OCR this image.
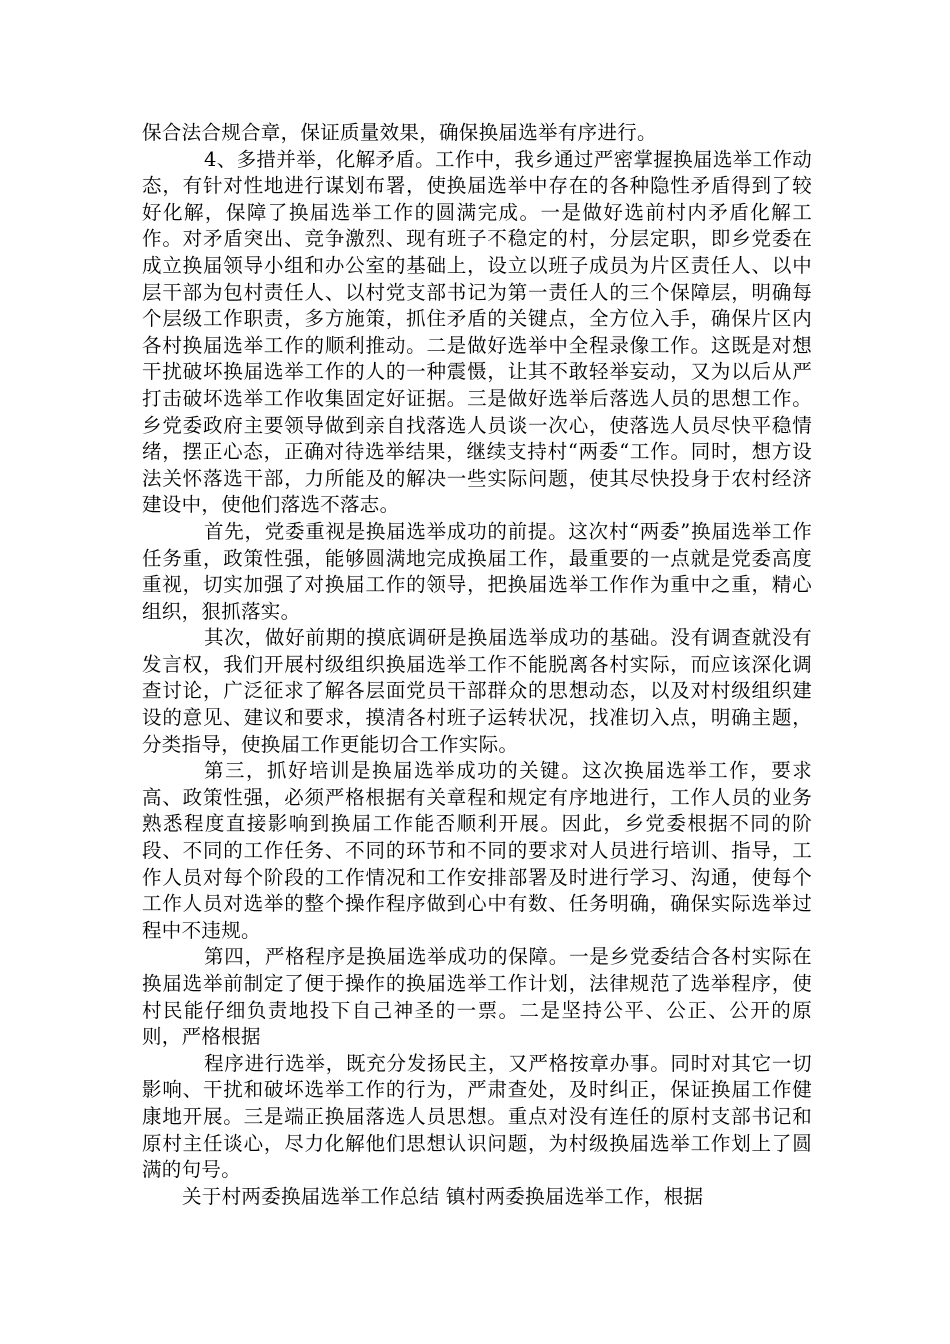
保合法合规合章，保证质量效果，确保换届选举有序进行。

4、多措并举，化解矛盾。工作中，我乡通过严密掌握换届选举工作动态，有针对性地进行谋划布署，使换届选举中存在的各种隐性矛盾得到了较好化解，保障了换届选举工作的圆满完成。一是做好选前村内矛盾化解工作。对矛盾突出、竞争激烈、现有班子不稳定的村，分层定职，即乡党委在成立换届领导小组和办公室的基础上，设立以班子成员为片区责任人、以中层干部为包村责任人、以村党支部书记为第一责任人的三个保障层，明确每个层级工作职责，多方施策，抓住矛盾的关键点，全方位入手，确保片区内各村换届选举工作的顺利推动。二是做好选举中全程录像工作。这既是对想干扰破坏换届选举工作的人的一种震慑，让其不敢轻举妄动，又为以后从严打击破坏选举工作收集固定好证据。三是做好选举后落选人员的思想工作。乡党委政府主要领导做到亲自找落选人员谈一次心，使落选人员尽快平稳情绪，摆正心态，正确对待选举结果，继续支持村“两委“工作。同时，想方设法关怀落选干部，力所能及的解决一些实际问题，使其尽快投身于农村经济建设中，使他们落选不落志。

首先，党委重视是换届选举成功的前提。这次村“两委”换届选举工作任务重，政策性强，能够圆满地完成换届工作，最重要的一点就是党委高度重视，切实加强了对换届工作的领导，把换届选举工作作为重中之重，精心组织，狠抓落实。

其次，做好前期的摸底调研是换届选举成功的基础。没有调查就没有发言权，我们开展村级组织换届选举工作不能脱离各村实际，而应该深化调查讨论，广泛征求了解各层面党员干部群众的思想动态，以及对村级组织建设的意见、建议和要求，摸清各村班子运转状况，找准切入点，明确主题，分类指导，使换届工作更能切合工作实际。

第三，抓好培训是换届选举成功的关键。这次换届选举工作，要求高、政策性强，必须严格根据有关章程和规定有序地进行，工作人员的业务熟悉程度直接影响到换届工作能否顺利开展。因此，乡党委根据不同的阶段、不同的工作任务、不同的环节和不同的要求对人员进行培训、指导，工作人员对每个阶段的工作情况和工作安排部署及时进行学习、沟通，使每个工作人员对选举的整个操作程序做到心中有数、任务明确，确保实际选举过程中不违规。

第四，严格程序是换届选举成功的保障。一是乡党委结合各村实际在换届选举前制定了便于操作的换届选举工作计划，法律规范了选举程序，使村民能仔细负责地投下自己神圣的一票。二是坚持公平、公正、公开的原则，严格根据

程序进行选举，既充分发扬民主，又严格按章办事。同时对其它一切影响、干扰和破坏选举工作的行为，严肃查处，及时纠正，保证换届工作健康地开展。三是端正换届落选人员思想。重点对没有连任的原村支部书记和原村主任谈心，尽力化解他们思想认识问题，为村级换届选举工作划上了圆满的句号。

关于村两委换届选举工作总结 镇村两委换届选举工作，根据
